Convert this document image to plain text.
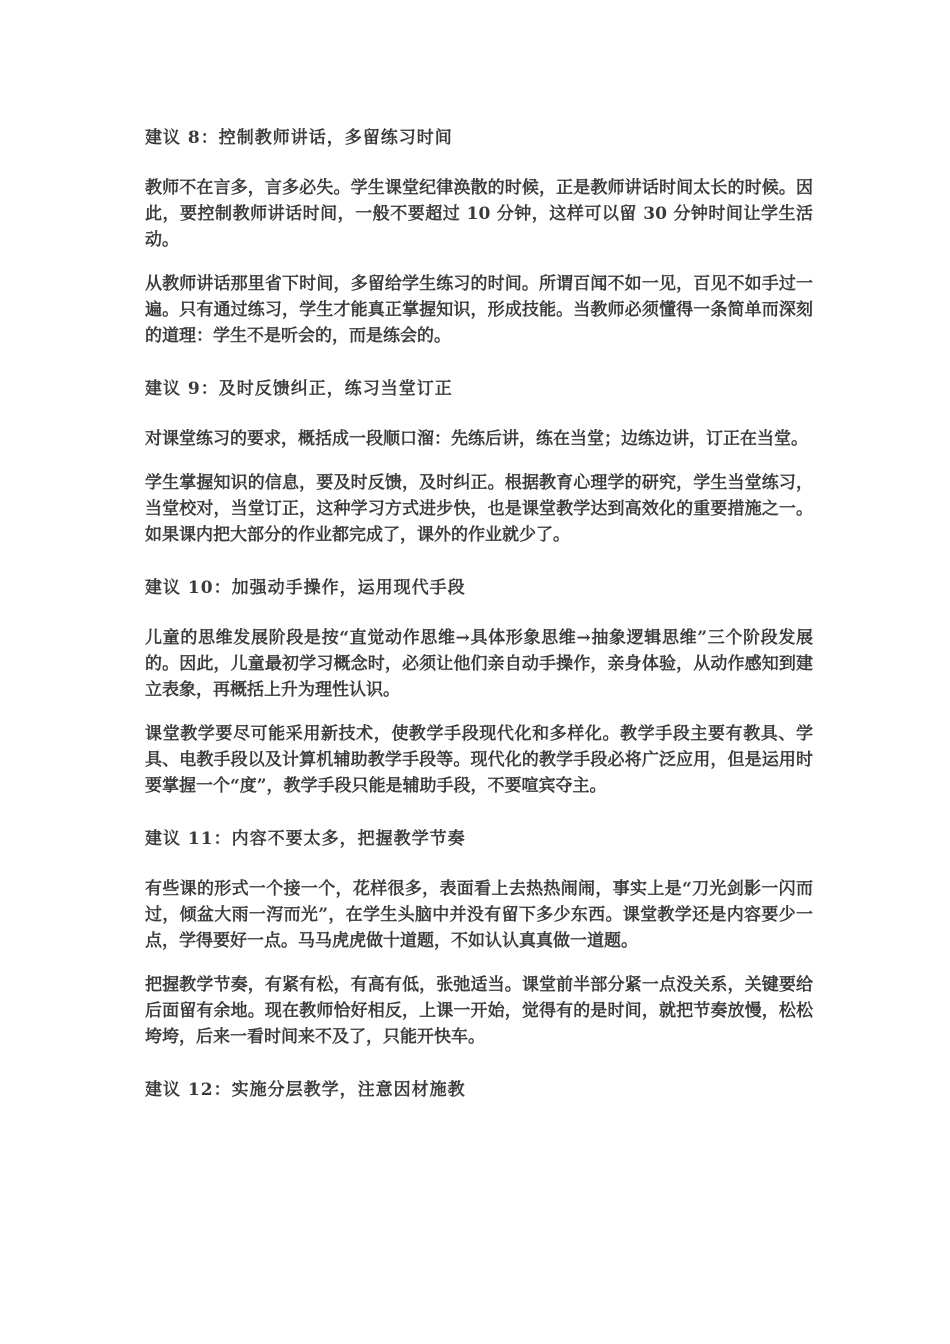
建议 8：控制教师讲话，多留练习时间

教师不在言多，言多必失。学生课堂纪律涣散的时候，正是教师讲话时间太长的时候。因此，要控制教师讲话时间，一般不要超过 10 分钟，这样可以留 30 分钟时间让学生活动。

从教师讲话那里省下时间，多留给学生练习的时间。所谓百闻不如一见，百见不如手过一遍。只有通过练习，学生才能真正掌握知识，形成技能。当教师必须懂得一条简单而深刻的道理：学生不是听会的，而是练会的。

建议 9：及时反馈纠正，练习当堂订正

对课堂练习的要求，概括成一段顺口溜：先练后讲，练在当堂；边练边讲，订正在当堂。

学生掌握知识的信息，要及时反馈，及时纠正。根据教育心理学的研究，学生当堂练习，当堂校对，当堂订正，这种学习方式进步快，也是课堂教学达到高效化的重要措施之一。如果课内把大部分的作业都完成了，课外的作业就少了。

建议 10：加强动手操作，运用现代手段

儿童的思维发展阶段是按“直觉动作思维→具体形象思维→抽象逻辑思维”三个阶段发展的。因此，儿童最初学习概念时，必须让他们亲自动手操作，亲身体验，从动作感知到建立表象，再概括上升为理性认识。

课堂教学要尽可能采用新技术，使教学手段现代化和多样化。教学手段主要有教具、学具、电教手段以及计算机辅助教学手段等。现代化的教学手段必将广泛应用，但是运用时要掌握一个“度”，教学手段只能是辅助手段，不要喧宾夺主。

建议 11：内容不要太多，把握教学节奏

有些课的形式一个接一个，花样很多，表面看上去热热闹闹，事实上是“刀光剑影一闪而过，倾盆大雨一泻而光”，在学生头脑中并没有留下多少东西。课堂教学还是内容要少一点，学得要好一点。马马虎虎做十道题，不如认认真真做一道题。

把握教学节奏，有紧有松，有高有低，张弛适当。课堂前半部分紧一点没关系，关键要给后面留有余地。现在教师恰好相反，上课一开始，觉得有的是时间，就把节奏放慢，松松垮垮，后来一看时间来不及了，只能开快车。

建议 12：实施分层教学，注意因材施教
